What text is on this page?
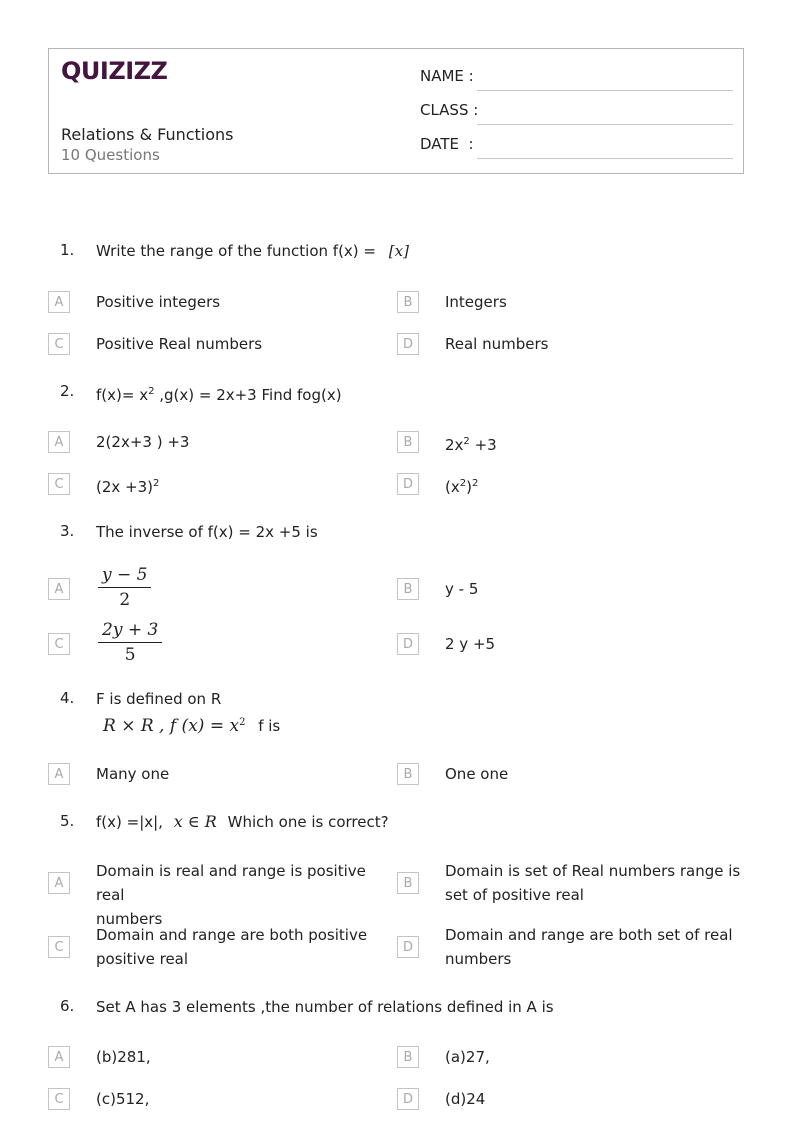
QUIZIZZ
Relations & Functions
10 Questions
NAME :
CLASS :
DATE  :
1. Write the range of the function f(x) = [x]
A	Positive integers	B	Integers
C	Positive Real numbers	D	Real numbers
2. $f(x)= x^2$ ,g(x) = 2x+3 Find fog(x)
A	2(2x+3 ) +3	B	$2x^2 +3$
C	$(2x +3)^2$	D	$(x^2)^2$
3. The inverse of f(x) = 2x +5 is
A	$\frac{y - 5}{2}$	B	y - 5
C	$\frac{2y + 3}{5}$	D	2 y +5
4. F is defined on R
R × R , f $(x) = x^2$ f is
A	Many one	B	One one
5. f(x) =|x|, x ∈ R Which one is correct?
A
Domain is real and range is positive real
numbers
B
Domain is set of Real numbers range is
set of positive real
C
Domain and range are both positive
positive real
D
Domain and range are both set of real
numbers
6. Set A has 3 elements ,the number of relations defined in A is
A	(b)281,	B	(a)27,
C	(c)512,	D	(d)24
